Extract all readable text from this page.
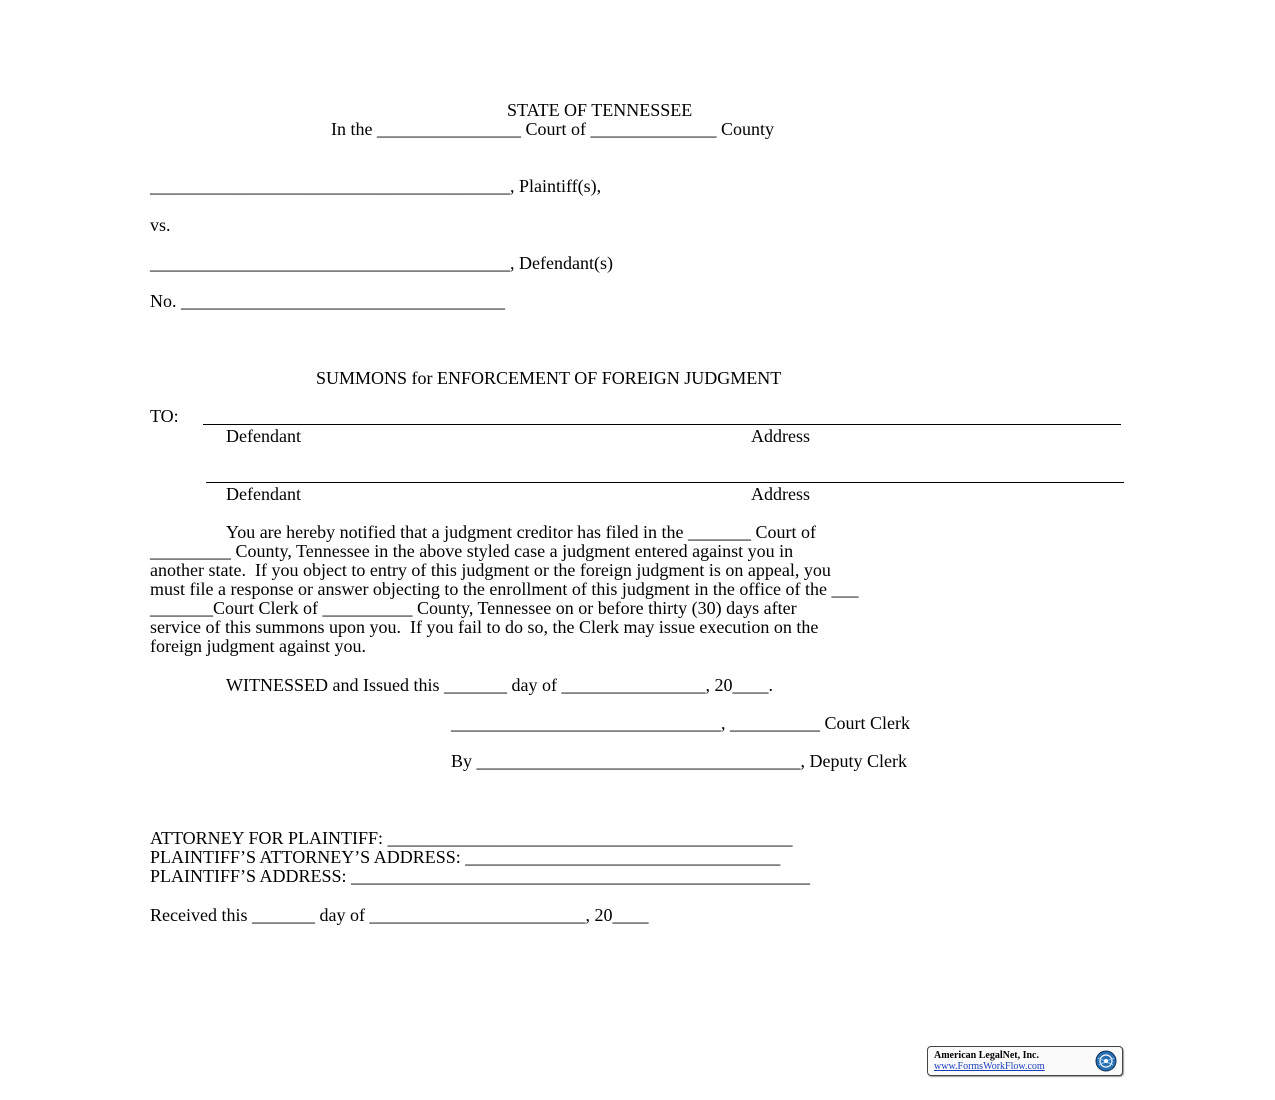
STATE OF TENNESSEE
In the ________________ Court of ______________ County
________________________________________, Plaintiff(s),
vs.
________________________________________, Defendant(s)
No. ____________________________________
SUMMONS for ENFORCEMENT OF FOREIGN JUDGMENT
TO:
Defendant	Address
Defendant	Address
You are hereby notified that a judgment creditor has filed in the _______ Court of
_________ County, Tennessee in the above styled case a judgment entered against you in
another state.  If you object to entry of this judgment or the foreign judgment is on appeal, you
must file a response or answer objecting to the enrollment of this judgment in the office of the ___
_______Court Clerk of __________ County, Tennessee on or before thirty (30) days after
service of this summons upon you.  If you fail to do so, the Clerk may issue execution on the
foreign judgment against you.
WITNESSED and Issued this _______ day of ________________, 20____.
______________________________, __________ Court Clerk
By ____________________________________, Deputy Clerk
ATTORNEY FOR PLAINTIFF: _____________________________________________
PLAINTIFF’S ATTORNEY’S ADDRESS: ___________________________________
PLAINTIFF’S ADDRESS: ___________________________________________________
Received this _______ day of ________________________, 20____
American LegalNet, Inc.
www.FormsWorkFlow.com
